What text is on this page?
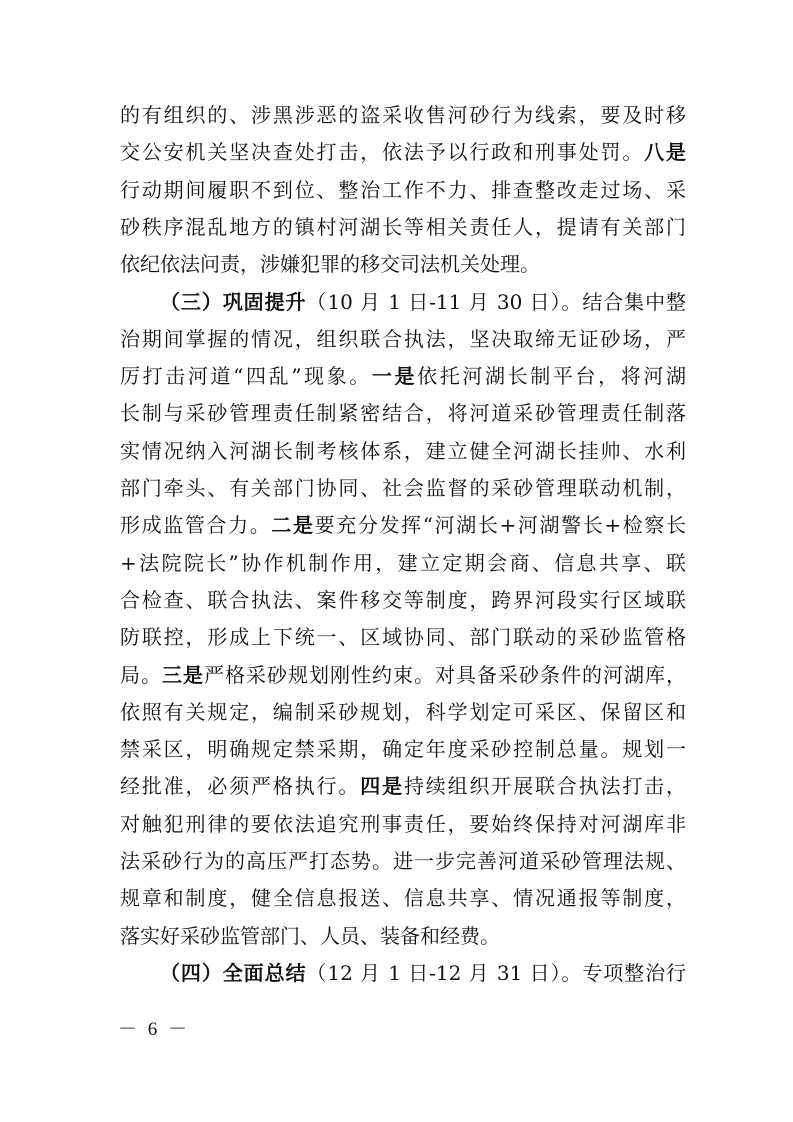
的有组织的、涉黑涉恶的盗采收售河砂行为线索，要及时移
交公安机关坚决查处打击，依法予以行政和刑事处罚。八是
行动期间履职不到位、整治工作不力、排查整改走过场、采
砂秩序混乱地方的镇村河湖长等相关责任人，提请有关部门
依纪依法问责，涉嫌犯罪的移交司法机关处理。
（三）巩固提升（10 月 1 日-11 月 30 日）。结合集中整
治期间掌握的情况，组织联合执法，坚决取缔无证砂场，严
厉打击河道“四乱”现象。一是依托河湖长制平台，将河湖
长制与采砂管理责任制紧密结合，将河道采砂管理责任制落
实情况纳入河湖长制考核体系，建立健全河湖长挂帅、水利
部门牵头、有关部门协同、社会监督的采砂管理联动机制，
形成监管合力。二是要充分发挥“河湖长+河湖警长+检察长
+法院院长”协作机制作用，建立定期会商、信息共享、联
合检查、联合执法、案件移交等制度，跨界河段实行区域联
防联控，形成上下统一、区域协同、部门联动的采砂监管格
局。三是严格采砂规划刚性约束。对具备采砂条件的河湖库，
依照有关规定，编制采砂规划，科学划定可采区、保留区和
禁采区，明确规定禁采期，确定年度采砂控制总量。规划一
经批准，必须严格执行。四是持续组织开展联合执法打击，
对触犯刑律的要依法追究刑事责任，要始终保持对河湖库非
法采砂行为的高压严打态势。进一步完善河道采砂管理法规、
规章和制度，健全信息报送、信息共享、情况通报等制度，
落实好采砂监管部门、人员、装备和经费。
（四）全面总结（12 月 1 日-12 月 31 日）。专项整治行
－ 6 －
